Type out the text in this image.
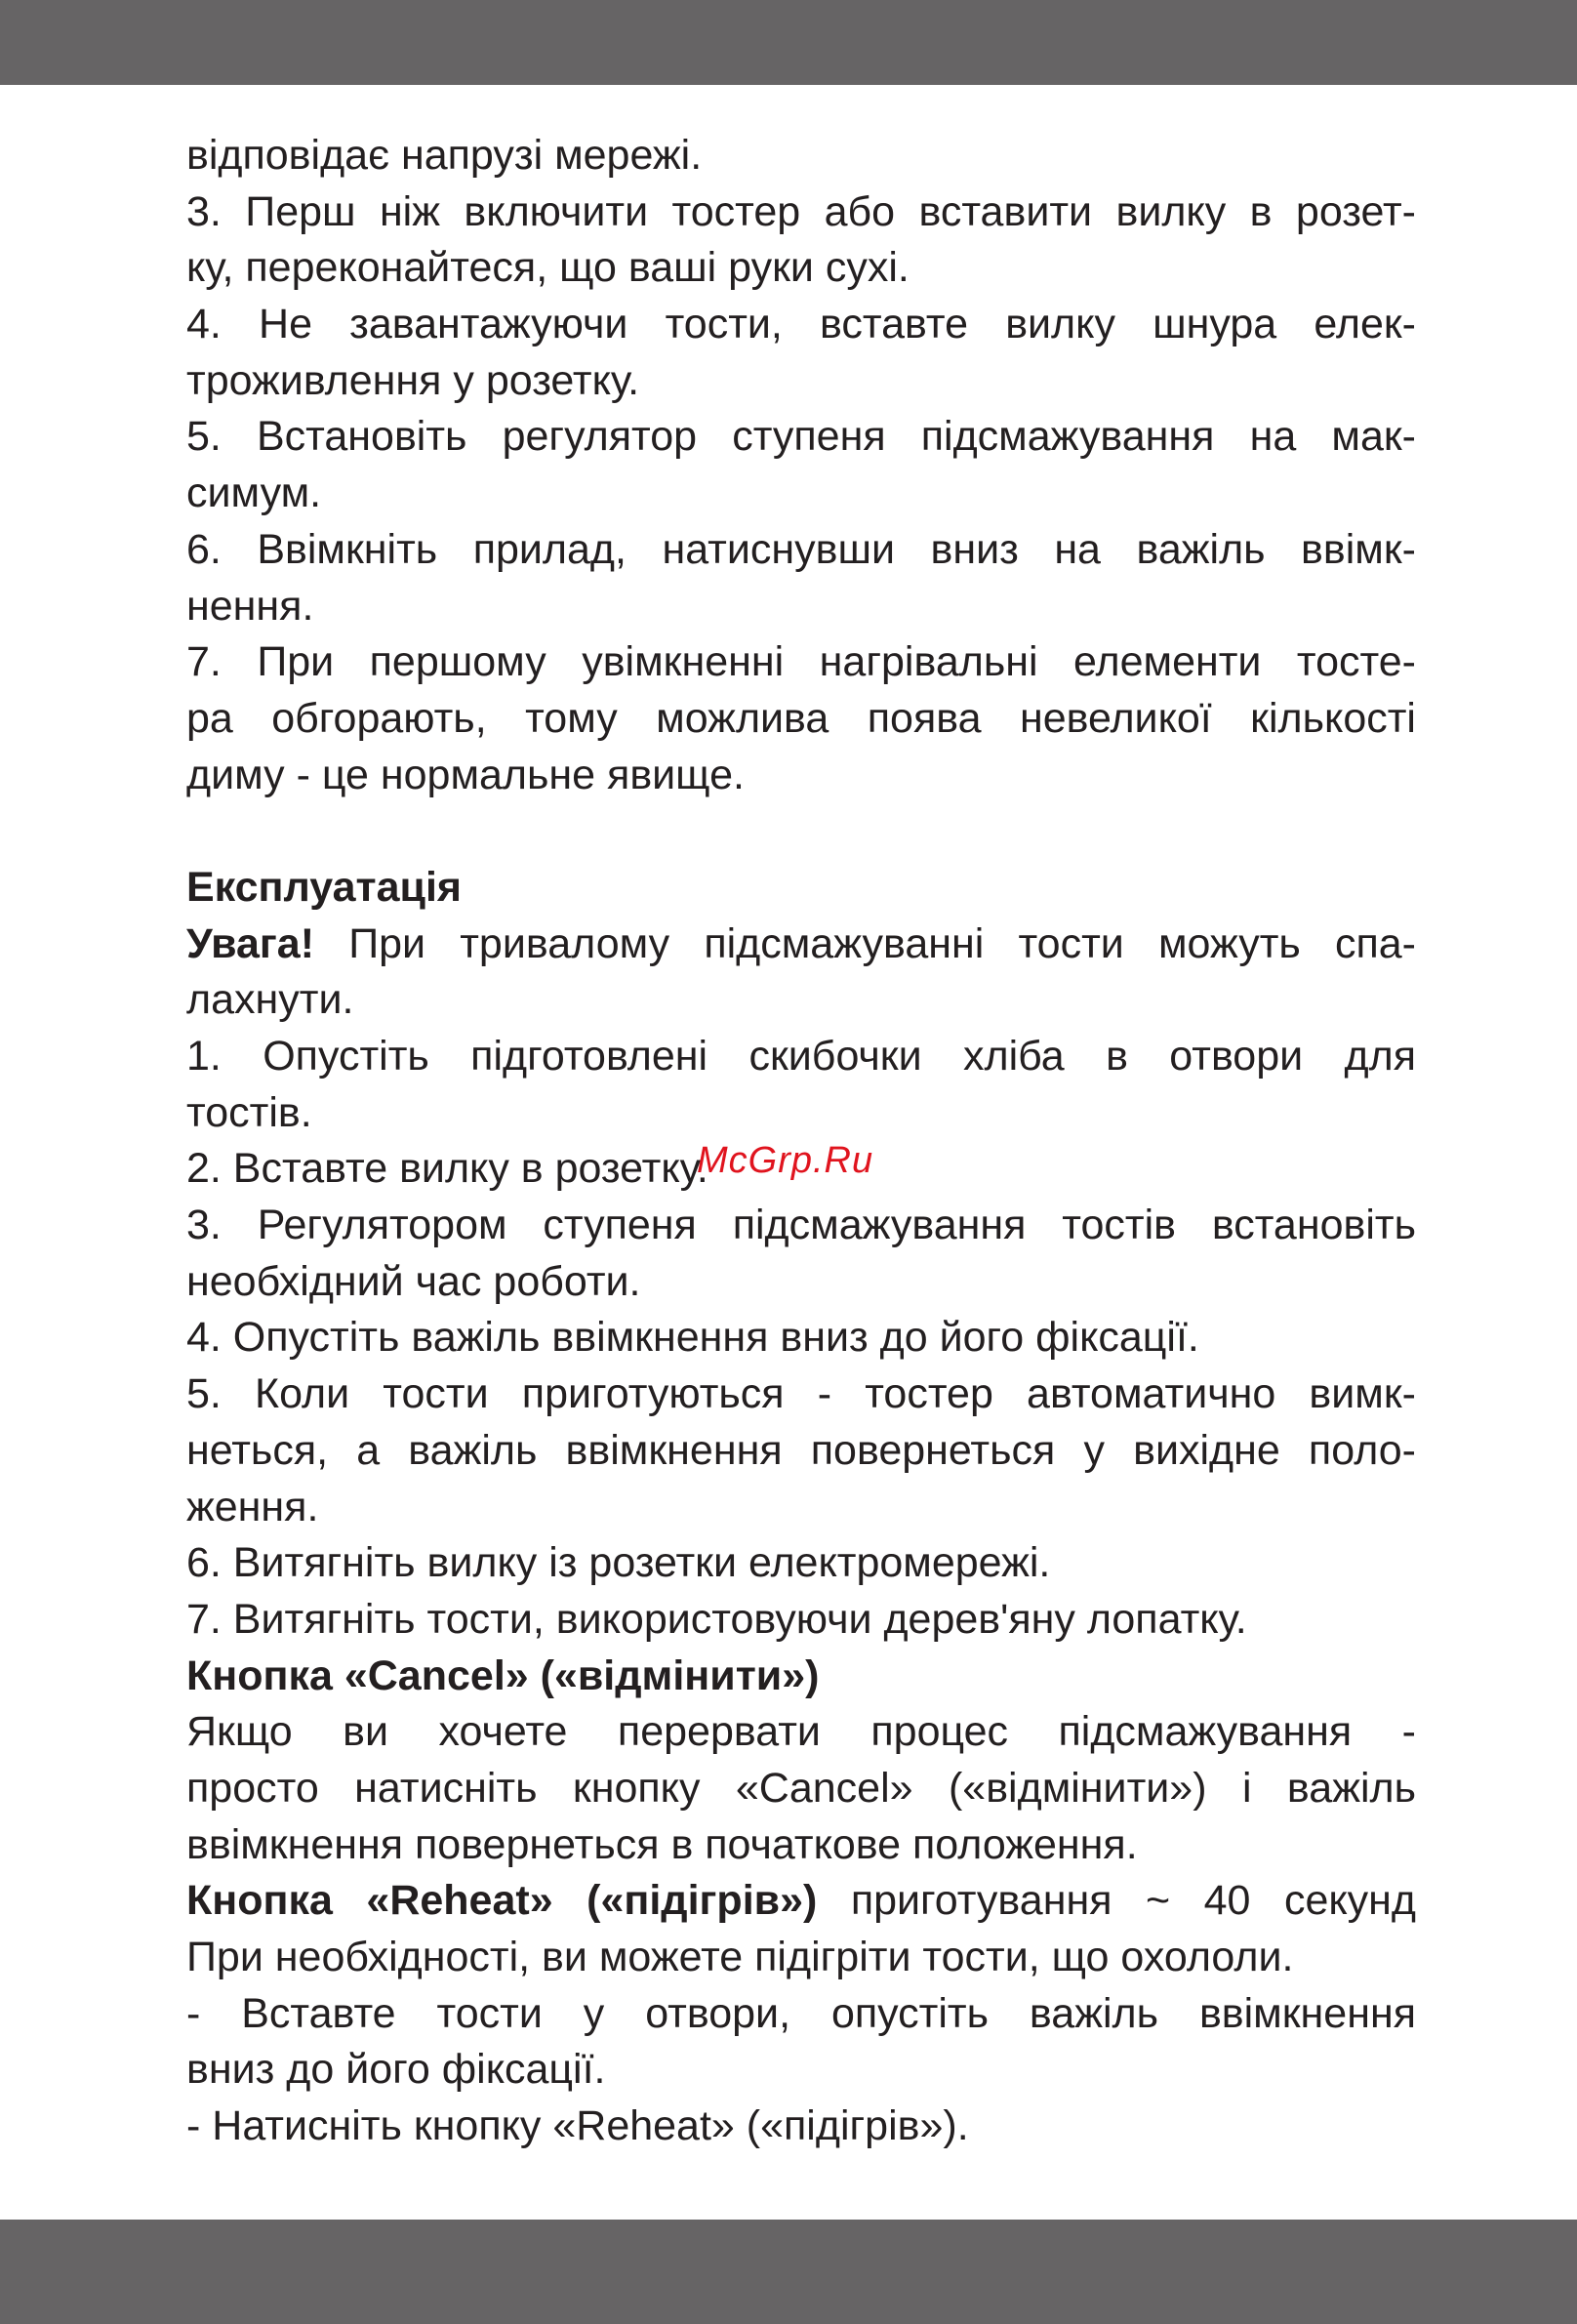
відповідає напрузі мережі.
3. Перш ніж включити тостер або вставити вилку в розет-
ку, переконайтеся, що ваші руки сухі.
4. Не завантажуючи тости, вставте вилку шнура елек-
троживлення у розетку.
5. Встановіть регулятор ступеня підсмажування на мак-
симум.
6. Ввімкніть прилад, натиснувши вниз на важіль ввімк-
нення.
7. При першому увімкненні нагрівальні елементи тосте-
ра обгорають, тому можлива поява невеликої кількості
диму - це нормальне явище.
Експлуатація
Увага! При тривалому підсмажуванні тости можуть спа-
лахнути.
1. Опустіть підготовлені скибочки хліба в отвори для
тостів.
2. Вставте вилку в розетку.
3. Регулятором ступеня підсмажування тостів встановіть
необхідний час роботи.
4. Опустіть важіль ввімкнення вниз до його фіксації.
5. Коли тости приготуються - тостер автоматично вимк-
неться, а важіль ввімкнення повернеться у вихідне поло-
ження.
6. Витягніть вилку із розетки електромережі.
7. Витягніть тости, використовуючи дерев'яну лопатку.
Кнопка «Cancel» («відмінити»)
Якщо ви хочете перервати процес підсмажування -
просто натисніть кнопку «Cancel» («відмінити») і важіль
ввімкнення повернеться в початкове положення.
Кнопка «Reheat» («підігрів») приготування ~ 40 секунд
При необхідності, ви можете підігріти тости, що охололи.
- Вставте тости у отвори, опустіть важіль ввімкнення
вниз до його фіксації.
- Натисніть кнопку «Reheat» («підігрів»).
McGrp.Ru
